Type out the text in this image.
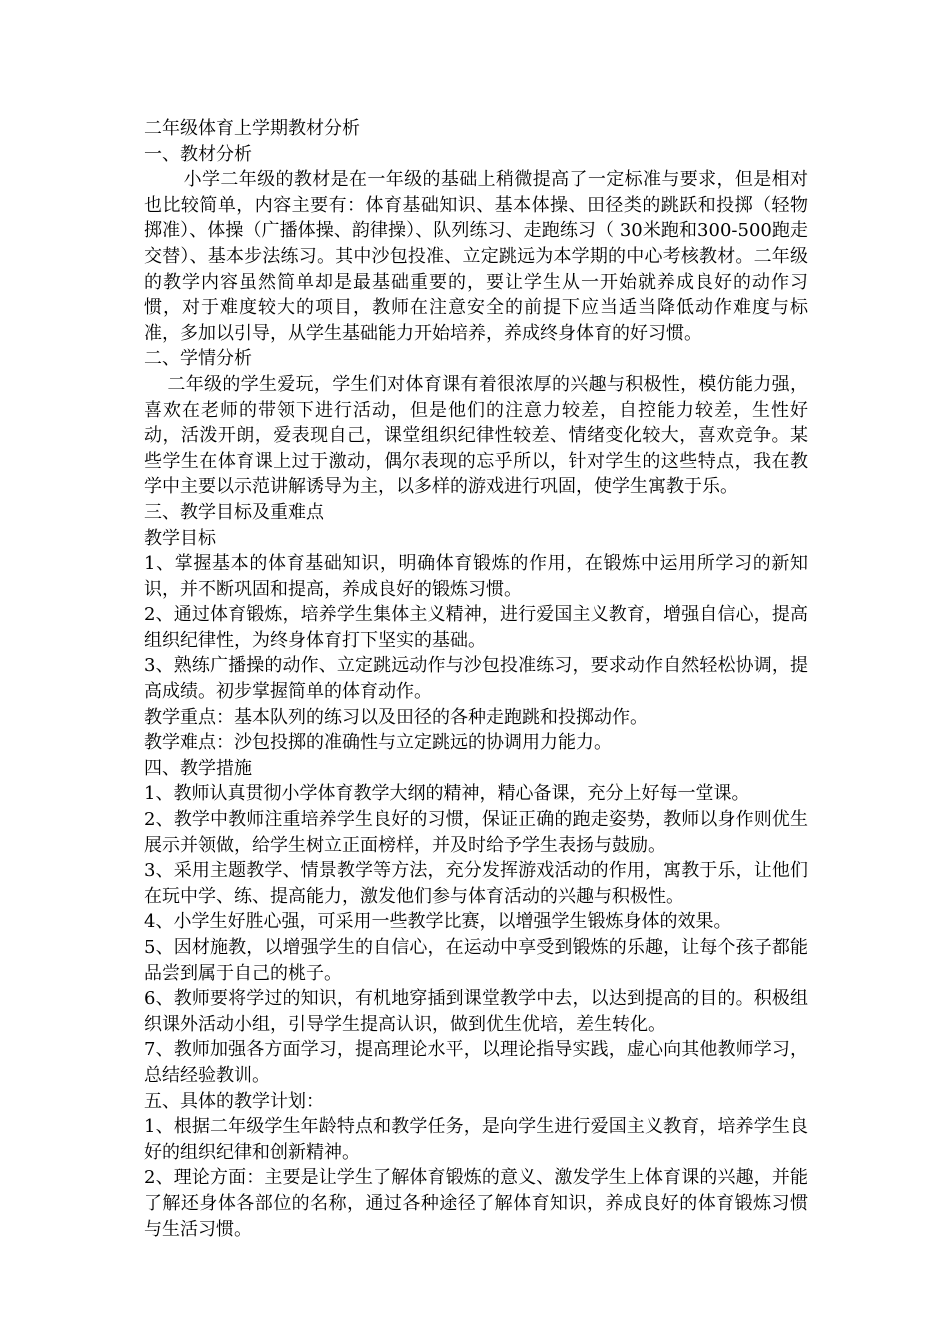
二年级体育上学期教材分析

一、教材分析

小学二年级的教材是在一年级的基础上稍微提高了一定标准与要求，但是相对也比较简单，内容主要有：体育基础知识、基本体操、田径类的跳跃和投掷（轻物掷准）、体操（广播体操、韵律操）、队列练习、走跑练习（ 30米跑和300-500跑走交替）、基本步法练习。其中沙包投准、立定跳远为本学期的中心考核教材。二年级的教学内容虽然简单却是最基础重要的，要让学生从一开始就养成良好的动作习惯，对于难度较大的项目，教师在注意安全的前提下应当适当降低动作难度与标准，多加以引导，从学生基础能力开始培养，养成终身体育的好习惯。

二、学情分析

二年级的学生爱玩，学生们对体育课有着很浓厚的兴趣与积极性，模仿能力强，喜欢在老师的带领下进行活动，但是他们的注意力较差，自控能力较差，生性好动，活泼开朗，爱表现自己，课堂组织纪律性较差、情绪变化较大，喜欢竞争。某些学生在体育课上过于激动，偶尔表现的忘乎所以，针对学生的这些特点，我在教学中主要以示范讲解诱导为主，以多样的游戏进行巩固，使学生寓教于乐。

三、教学目标及重难点

教学目标

1、掌握基本的体育基础知识，明确体育锻炼的作用，在锻炼中运用所学习的新知识，并不断巩固和提高，养成良好的锻炼习惯。

2、通过体育锻炼，培养学生集体主义精神，进行爱国主义教育，增强自信心，提高组织纪律性，为终身体育打下坚实的基础。

3、熟练广播操的动作、立定跳远动作与沙包投准练习，要求动作自然轻松协调，提高成绩。初步掌握简单的体育动作。

教学重点：基本队列的练习以及田径的各种走跑跳和投掷动作。

教学难点：沙包投掷的准确性与立定跳远的协调用力能力。

四、教学措施

1、教师认真贯彻小学体育教学大纲的精神，精心备课，充分上好每一堂课。

2、教学中教师注重培养学生良好的习惯，保证正确的跑走姿势，教师以身作则优生展示并领做，给学生树立正面榜样，并及时给予学生表扬与鼓励。

3、采用主题教学、情景教学等方法，充分发挥游戏活动的作用，寓教于乐，让他们在玩中学、练、提高能力，激发他们参与体育活动的兴趣与积极性。

4、小学生好胜心强，可采用一些教学比赛，以增强学生锻炼身体的效果。

5、因材施教，以增强学生的自信心，在运动中享受到锻炼的乐趣，让每个孩子都能品尝到属于自己的桃子。

6、教师要将学过的知识，有机地穿插到课堂教学中去，以达到提高的目的。积极组织课外活动小组，引导学生提高认识，做到优生优培，差生转化。

7、教师加强各方面学习，提高理论水平，以理论指导实践，虚心向其他教师学习，总结经验教训。

五、具体的教学计划：

1、根据二年级学生年龄特点和教学任务，是向学生进行爱国主义教育，培养学生良好的组织纪律和创新精神。

2、理论方面：主要是让学生了解体育锻炼的意义、激发学生上体育课的兴趣，并能了解还身体各部位的名称，通过各种途径了解体育知识，养成良好的体育锻炼习惯与生活习惯。
